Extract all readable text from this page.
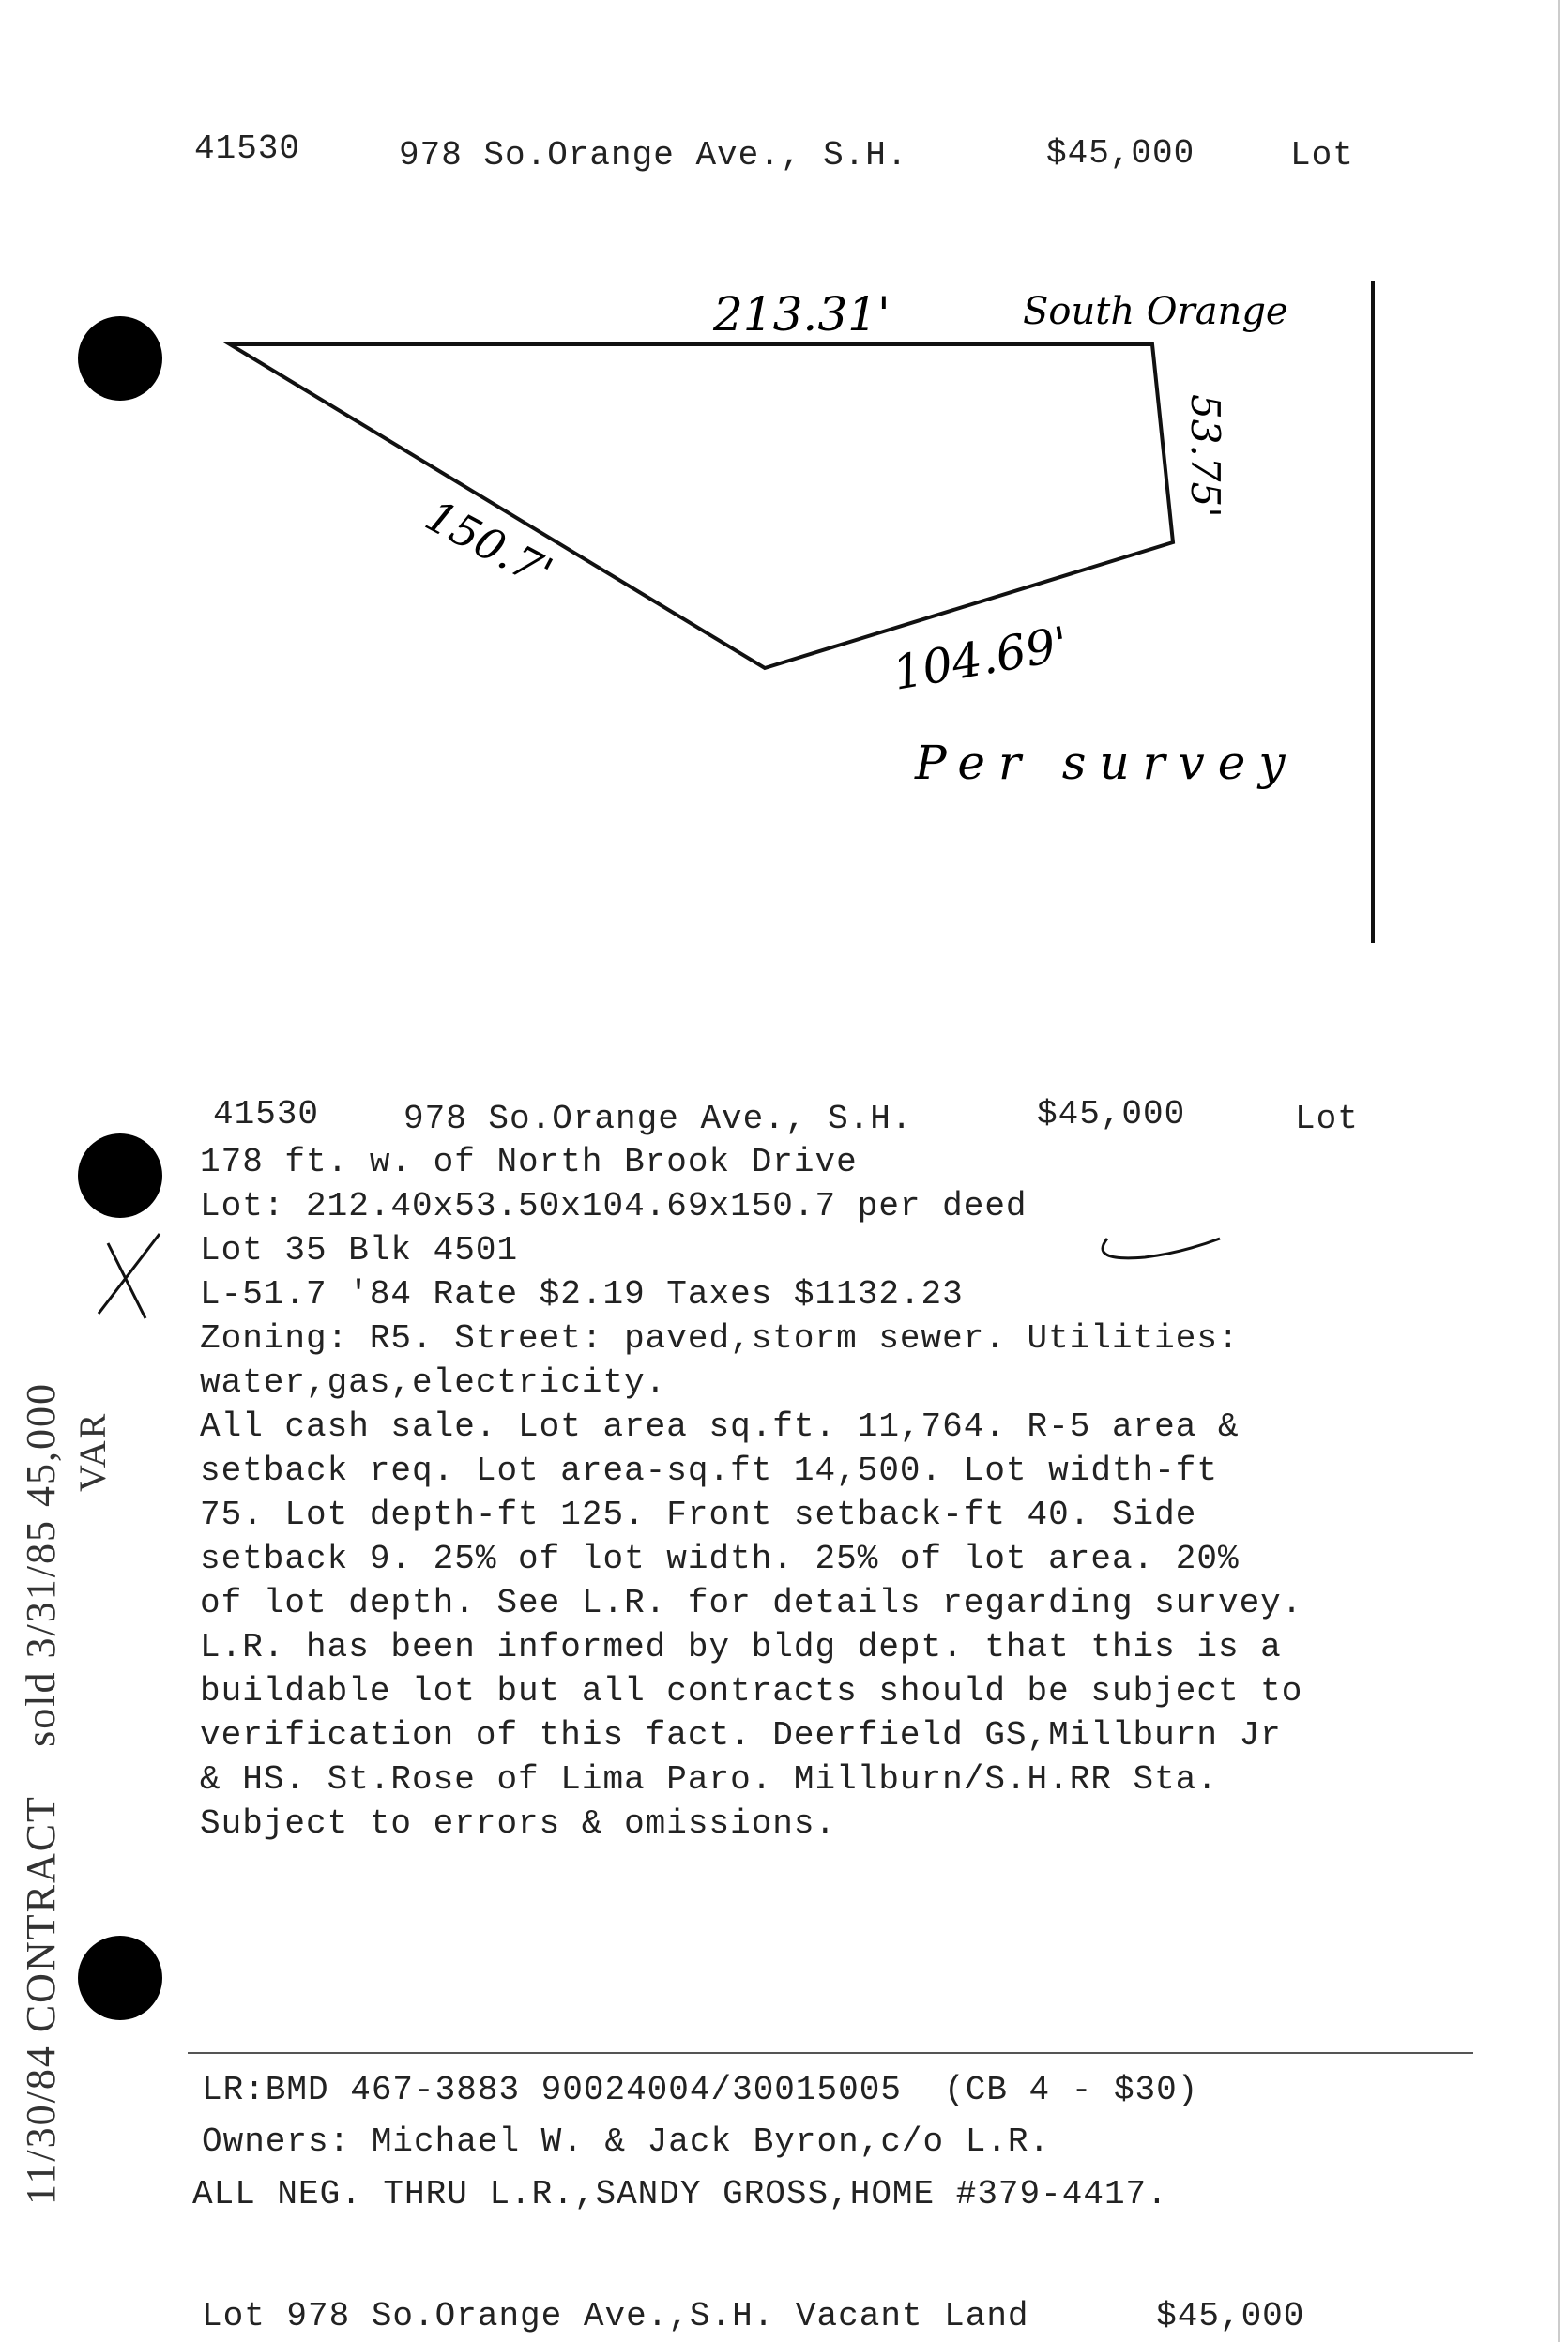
41530	978 So.Orange Ave., S.H.	$45,000	Lot
213.31'	South Orange
53.75'
150.7'
104.69'
Per survey
41530 978 So.Orange Ave., S.H.	$45,000	Lot
178 ft. w. of North Brook Drive
Lot: 212.40x53.50x104.69x150.7 per deed
Lot 35 Blk 4501
L-51.7 '84 Rate $2.19 Taxes $1132.23
Zoning: R5. Street: paved,storm sewer. Utilities:
water,gas,electricity.
All cash sale. Lot area sq.ft. 11,764. R-5 area &
setback req. Lot area-sq.ft 14,500. Lot width-ft
75. Lot depth-ft 125. Front setback-ft 40. Side
setback 9. 25% of lot width. 25% of lot area. 20%
of lot depth. See L.R. for details regarding survey.
L.R. has been informed by bldg dept. that this is a
buildable lot but all contracts should be subject to
verification of this fact. Deerfield GS,Millburn Jr
& HS. St.Rose of Lima Paro. Millburn/S.H.RR Sta.
Subject to errors & omissions.
11/30/84 CONTRACT    sold 3/31/85 45,000 VAR
LR:BMD 467-3883 90024004/30015005  (CB 4 - $30)
Owners: Michael W. & Jack Byron,c/o L.R.
ALL NEG. THRU L.R.,SANDY GROSS,HOME #379-4417.
Lot 978 So.Orange Ave.,S.H. Vacant Land      $45,000
